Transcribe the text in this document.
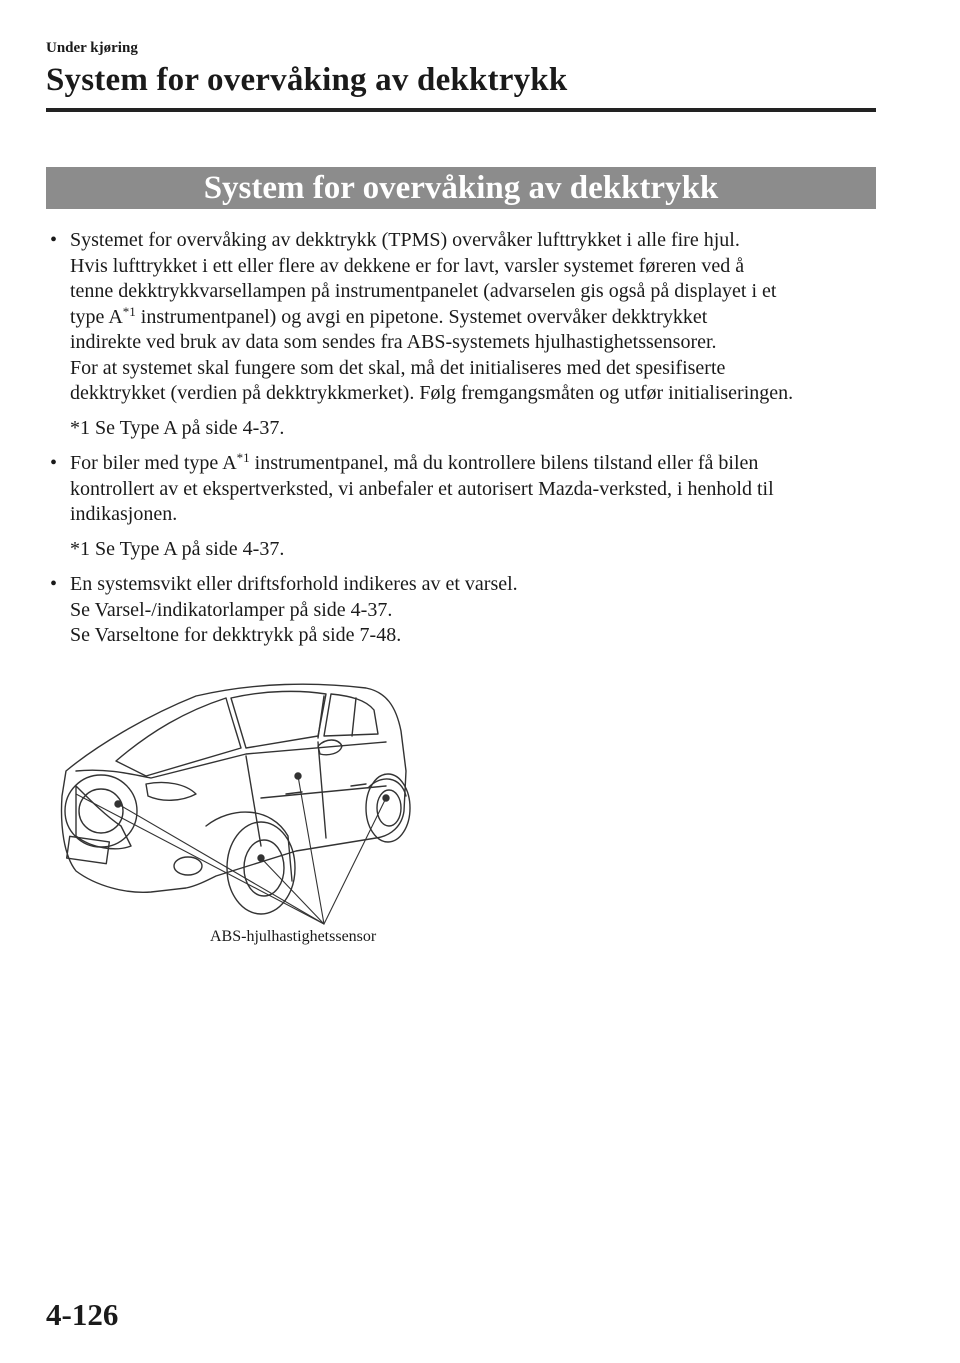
Under kjøring
System for overvåking av dekktrykk
System for overvåking av dekktrykk
• Systemet for overvåking av dekktrykk (TPMS) overvåker lufttrykket i alle fire hjul.

Hvis lufttrykket i ett eller flere av dekkene er for lavt, varsler systemet føreren ved å

tenne dekktrykkvarsellampen på instrumentpanelet (advarselen gis også på displayet i et

type $A^{*1}$ instrumentpanel) og avgi en pipetone. Systemet overvåker dekktrykket

indirekte ved bruk av data som sendes fra ABS-systemets hjulhastighetssensorer.

For at systemet skal fungere som det skal, må det initialiseres med det spesifiserte

dekktrykket (verdien på dekktrykkmerket). Følg fremgangsmåten og utfør initialiseringen.

*1 Se Type A på side 4-37.
• For biler med type $A^{*1}$ instrumentpanel, må du kontrollere bilens tilstand eller få bilen

kontrollert av et ekspertverksted, vi anbefaler et autorisert Mazda-verksted, i henhold til

indikasjonen.

*1 Se Type A på side 4-37.
• En systemsvikt eller driftsforhold indikeres av et varsel.

Se Varsel-/indikatorlamper på side 4-37.

Se Varseltone for dekktrykk på side 7-48.

ABS-hjulhastighetssensor
4-126
